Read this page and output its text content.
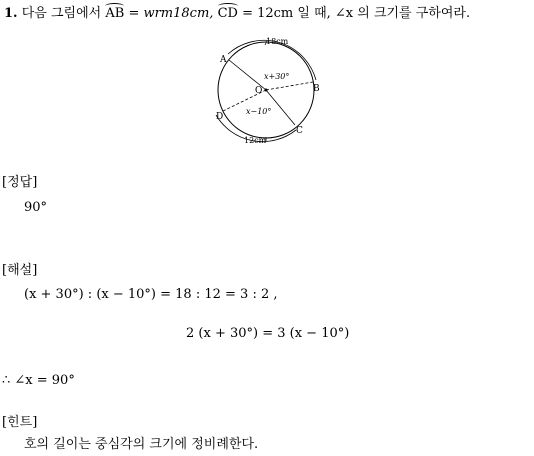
1. 다음 그림에서 AB = wrm18cm, CD = 12cm 일 때, ∠x 의 크기를 구하여라.
A
B
C
D
O
x+30°
x−10°
18cm
12cm
[정답]
90°
[해설]
(x + 30°) : (x − 10°) = 18 : 12 = 3 : 2 ,
2 (x + 30°) = 3 (x − 10°)
∴ ∠x = 90°
[힌트]
호의 길이는 중심각의 크기에 정비례한다.
